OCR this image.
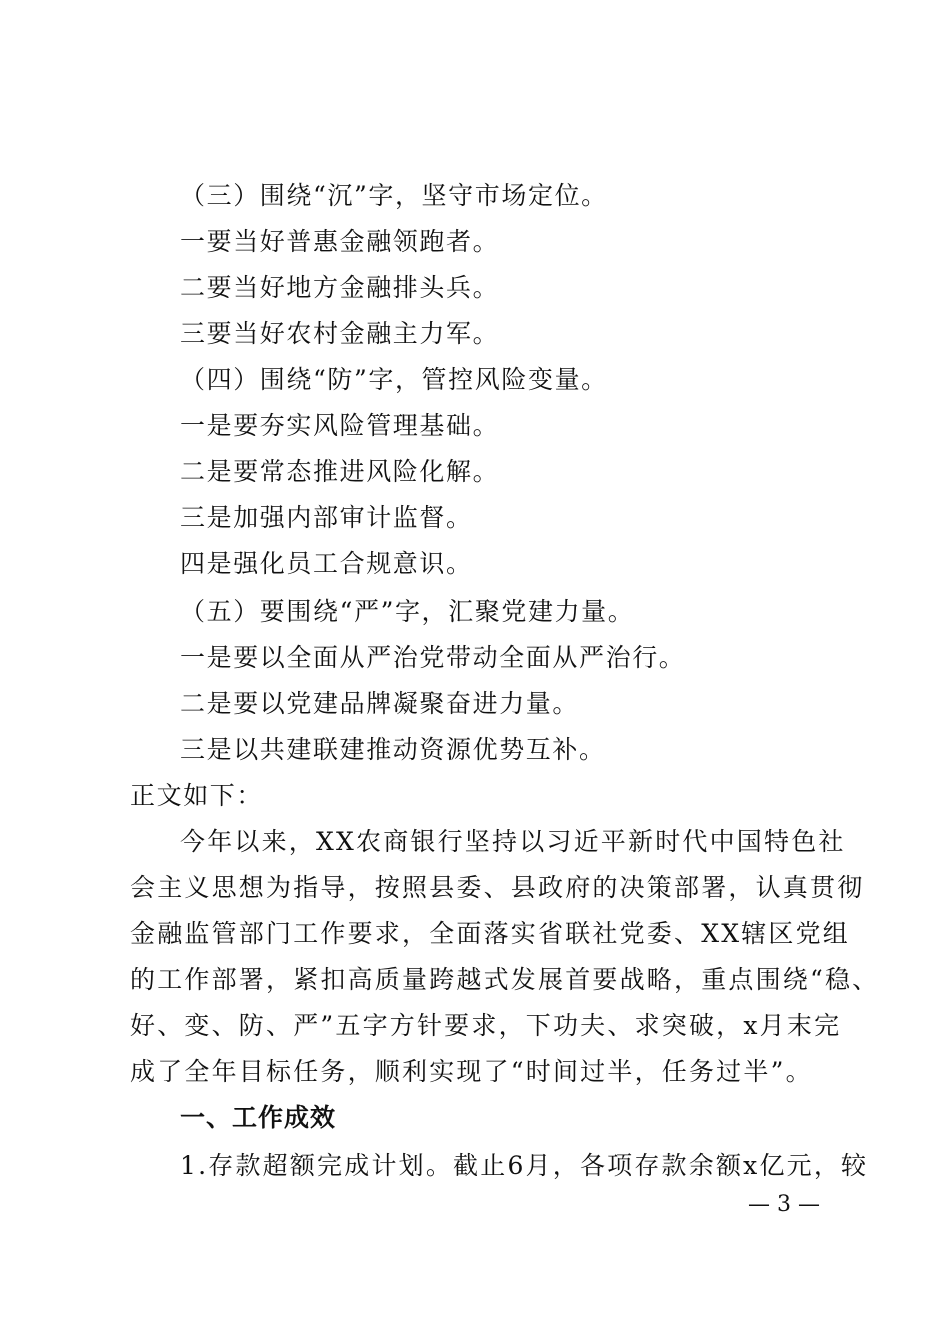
（三）围绕“沉”字，坚守市场定位。
一要当好普惠金融领跑者。
二要当好地方金融排头兵。
三要当好农村金融主力军。
（四）围绕“防”字，管控风险变量。
一是要夯实风险管理基础。
二是要常态推进风险化解。
三是加强内部审计监督。
四是强化员工合规意识。
（五）要围绕“严”字，汇聚党建力量。
一是要以全面从严治党带动全面从严治行。
二是要以党建品牌凝聚奋进力量。
三是以共建联建推动资源优势互补。
正文如下：
今年以来，XX农商银行坚持以习近平新时代中国特色社
会主义思想为指导，按照县委、县政府的决策部署，认真贯彻
金融监管部门工作要求，全面落实省联社党委、XX辖区党组
的工作部署，紧扣高质量跨越式发展首要战略，重点围绕“稳、
好、变、防、严”五字方针要求，下功夫、求突破，x月末完
成了全年目标任务，顺利实现了“时间过半，任务过半”。
一、工作成效
1.存款超额完成计划。截止6月，各项存款余额x亿元，较
— 3 —
